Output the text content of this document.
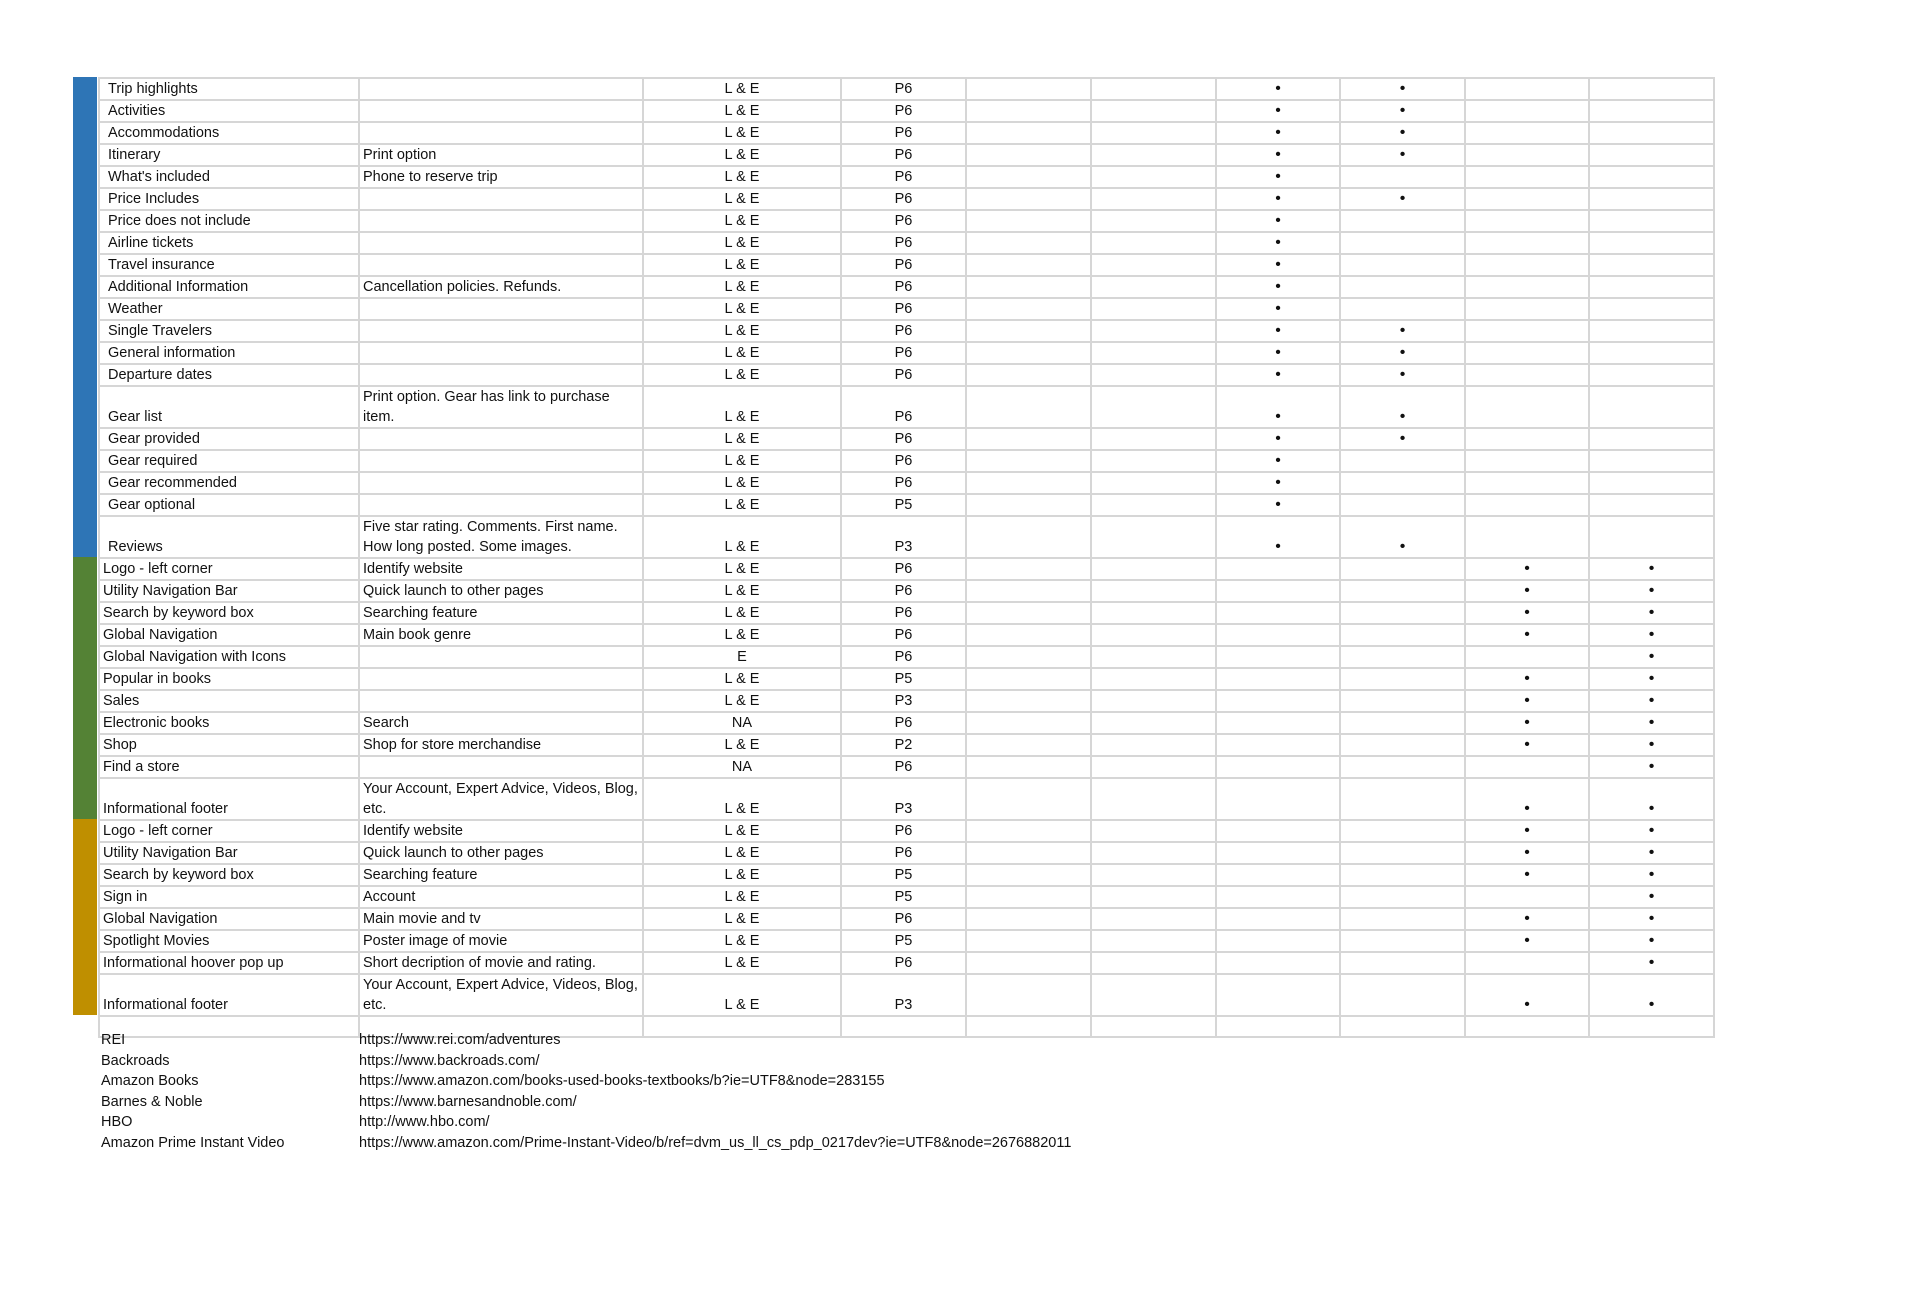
Trip highlights		L & E	P6			•	•		
Activities		L & E	P6			•	•		
Accommodations		L & E	P6			•	•		
Itinerary	Print option	L & E	P6			•	•		
What's included	Phone to reserve trip	L & E	P6			•			
Price Includes		L & E	P6			•	•		
Price does not include		L & E	P6			•			
Airline tickets		L & E	P6			•			
Travel insurance		L & E	P6			•			
Additional Information	Cancellation policies. Refunds.	L & E	P6			•			
Weather		L & E	P6			•			
Single Travelers		L & E	P6			•	•		
General information		L & E	P6			•	•		
Departure dates		L & E	P6			•	•		
Gear list	Print option. Gear has link to purchase item.	L & E	P6			•	•		
Gear provided		L & E	P6			•	•		
Gear required		L & E	P6			•			
Gear recommended		L & E	P6			•			
Gear optional		L & E	P5			•			
Reviews	Five star rating. Comments. First name. How long posted. Some images.	L & E	P3			•	•		
Logo - left corner	Identify website	L & E	P6					•	•
Utility Navigation Bar	Quick launch to other pages	L & E	P6					•	•
Search by keyword box	Searching feature	L & E	P6					•	•
Global Navigation	Main book genre	L & E	P6					•	•
Global Navigation with Icons		E	P6						•
Popular in books		L & E	P5					•	•
Sales		L & E	P3					•	•
Electronic books	Search	NA	P6					•	•
Shop	Shop for store merchandise	L & E	P2					•	•
Find a store		NA	P6						•
Informational footer	Your Account, Expert Advice, Videos, Blog, etc.	L & E	P3					•	•
Logo - left corner	Identify website	L & E	P6					•	•
Utility Navigation Bar	Quick launch to other pages	L & E	P6					•	•
Search by keyword box	Searching feature	L & E	P5					•	•
Sign in	Account	L & E	P5						•
Global Navigation	Main movie and tv	L & E	P6					•	•
Spotlight Movies	Poster image of movie	L & E	P5					•	•
Informational hoover pop up	Short decription of movie and rating.	L & E	P6						•
Informational footer	Your Account, Expert Advice, Videos, Blog, etc.	L & E	P3					•	•

REI	https://www.rei.com/adventures
Backroads	https://www.backroads.com/
Amazon Books	https://www.amazon.com/books-used-books-textbooks/b?ie=UTF8&node=283155
Barnes & Noble	https://www.barnesandnoble.com/
HBO	http://www.hbo.com/
Amazon Prime Instant Video	https://www.amazon.com/Prime-Instant-Video/b/ref=dvm_us_ll_cs_pdp_0217dev?ie=UTF8&node=2676882011
